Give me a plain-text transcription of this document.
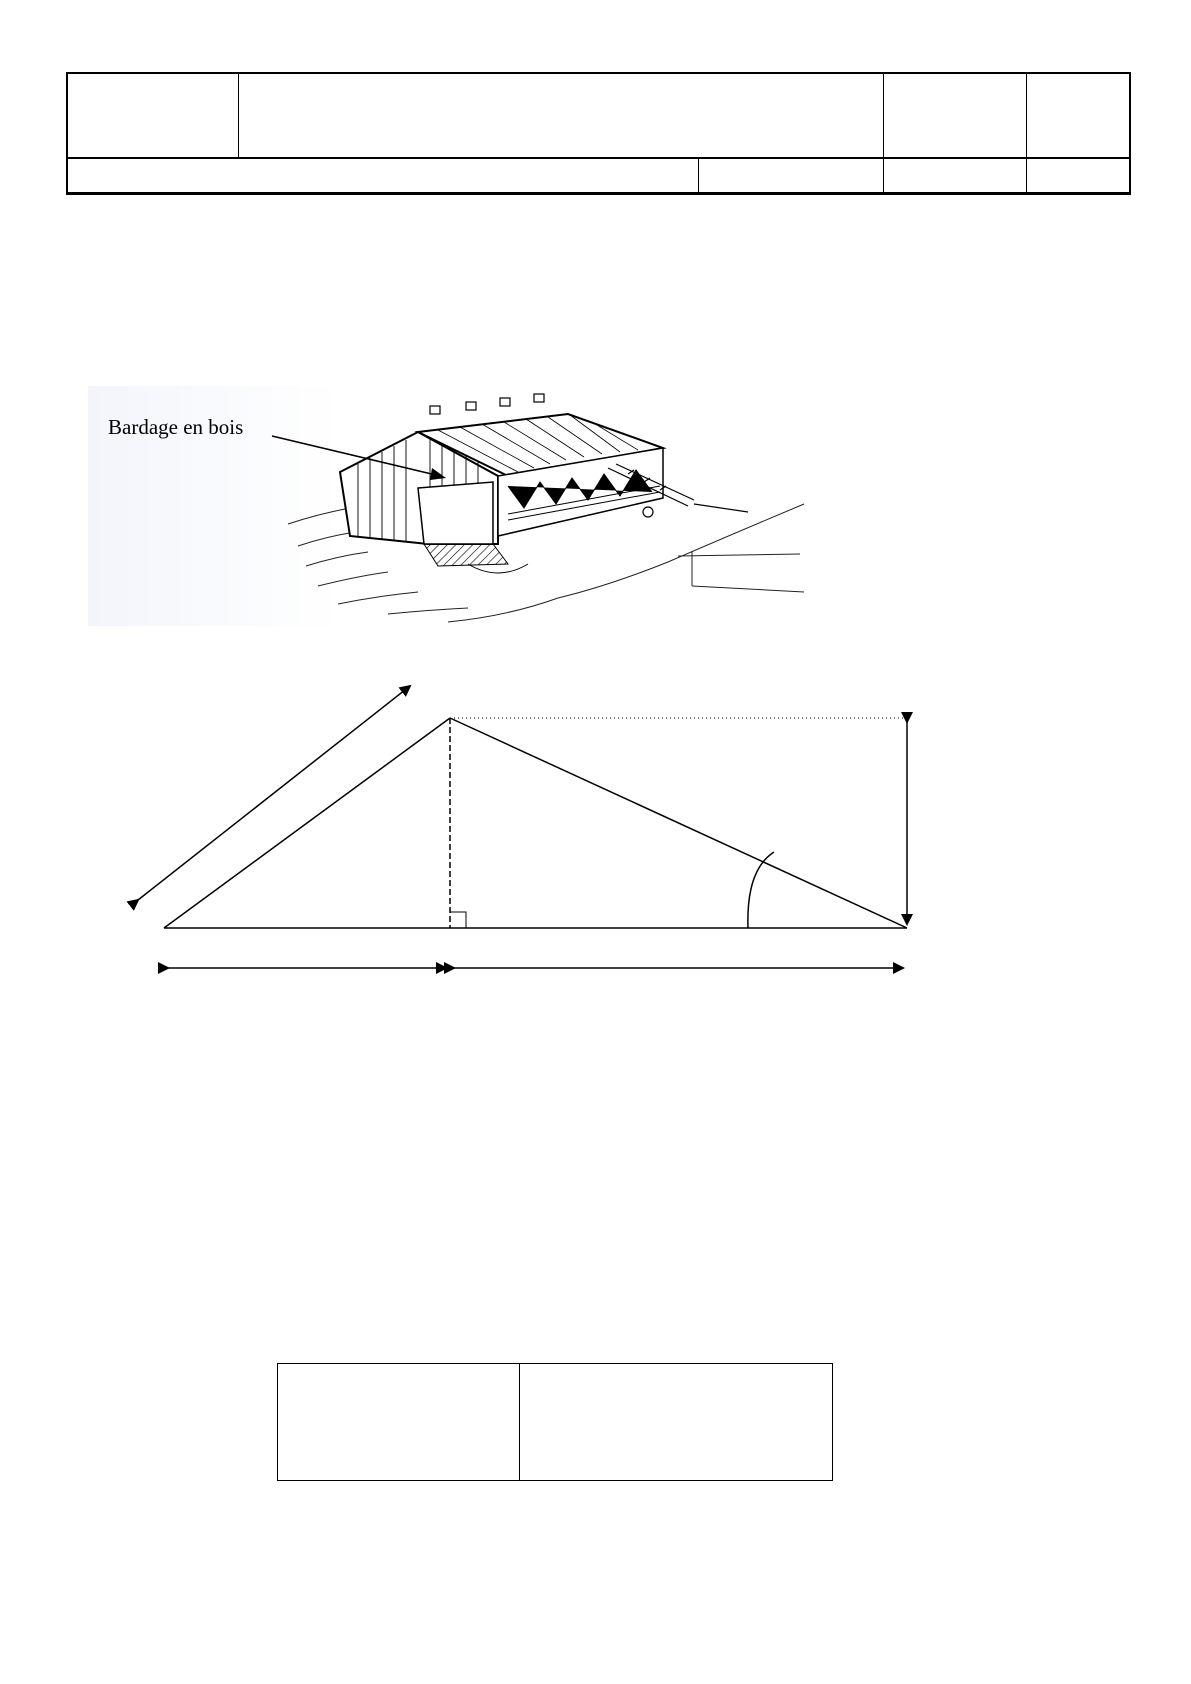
Bardage en bois
